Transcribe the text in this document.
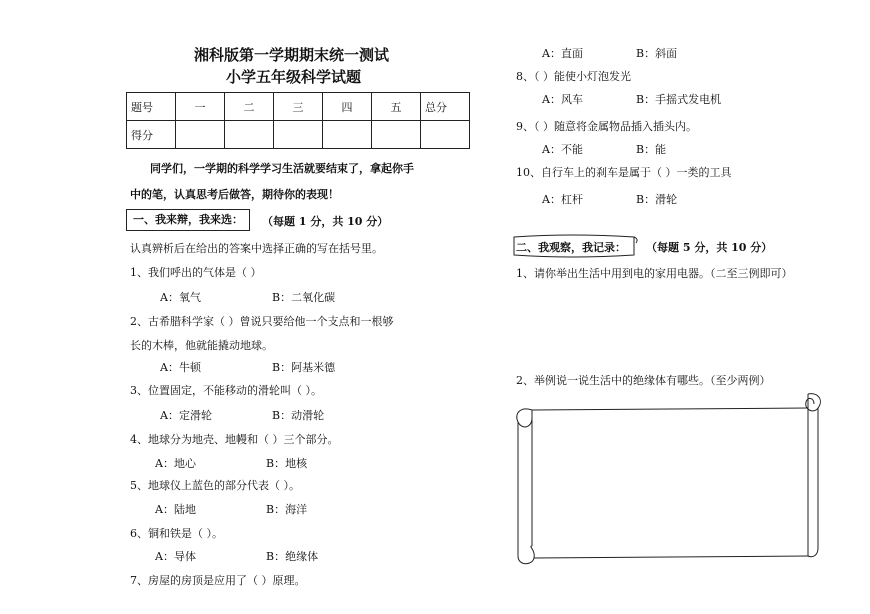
湘科版第一学期期末统一测试
小学五年级科学试题
题号	一	二	三	四	五	总分
得分						
同学们，一学期的科学学习生活就要结束了，拿起你手
中的笔，认真思考后做答，期待你的表现！
一、我来辩，我来选：	（每题 1 分，共 10 分）
认真辨析后在给出的答案中选择正确的写在括号里。
1、我们呼出的气体是（ ）
A：氧气	B：二氧化碳
2、古希腊科学家（ ）曾说只要给他一个支点和一根够
长的木棒，他就能撬动地球。
A：牛顿	B：阿基米德
3、位置固定，不能移动的滑轮叫（ ）。
A：定滑轮	B：动滑轮
4、地球分为地壳、地幔和（ ）三个部分。
A：地心	B：地核
5、地球仪上蓝色的部分代表（ ）。
A：陆地	B：海洋
6、铜和铁是（ ）。
A：导体	B：绝缘体
7、房屋的房顶是应用了（ ）原理。
A：直面	B：斜面
8、（ ）能使小灯泡发光
A：风车	B：手摇式发电机
9、（ ）随意将金属物品插入插头内。
A：不能	B：能
10、自行车上的刹车是属于（ ）一类的工具
A：杠杆	B：滑轮
二、我观察，我记录： （每题 5 分，共 10 分）
1、请你举出生活中用到电的家用电器。（二至三例即可）
2、举例说一说生活中的绝缘体有哪些。（至少两例）
